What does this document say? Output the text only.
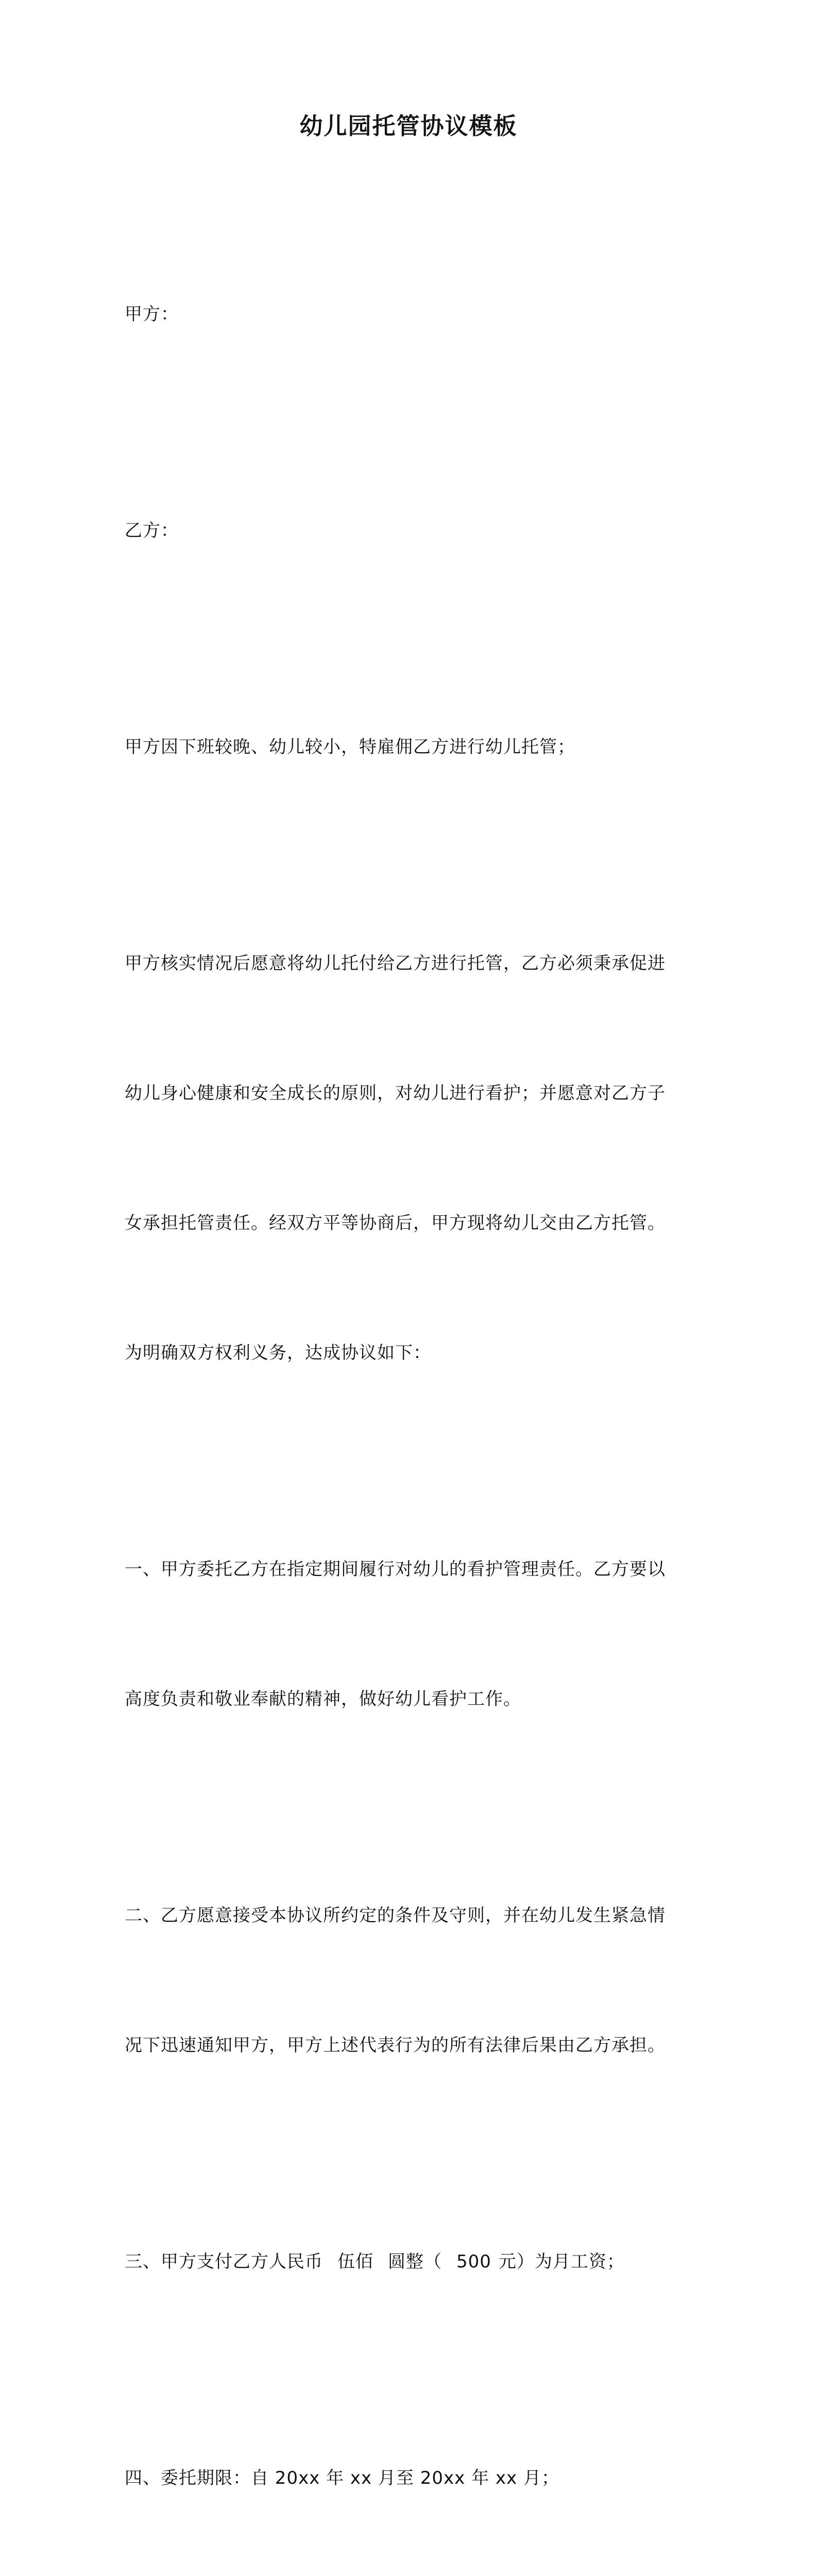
幼儿园托管协议模板

甲方：

乙方：

甲方因下班较晚、幼儿较小，特雇佣乙方进行幼儿托管；

甲方核实情况后愿意将幼儿托付给乙方进行托管，乙方必须秉承促进

幼儿身心健康和安全成长的原则，对幼儿进行看护；并愿意对乙方子

女承担托管责任。经双方平等协商后，甲方现将幼儿交由乙方托管。

为明确双方权利义务，达成协议如下：

一、甲方委托乙方在指定期间履行对幼儿的看护管理责任。乙方要以

高度负责和敬业奉献的精神，做好幼儿看护工作。

二、乙方愿意接受本协议所约定的条件及守则，并在幼儿发生紧急情

况下迅速通知甲方，甲方上述代表行为的所有法律后果由乙方承担。

三、甲方支付乙方人民币 伍佰 圆整（ 500 元）为月工资；

四、委托期限：自 20xx 年 xx 月至 20xx 年 xx 月；
